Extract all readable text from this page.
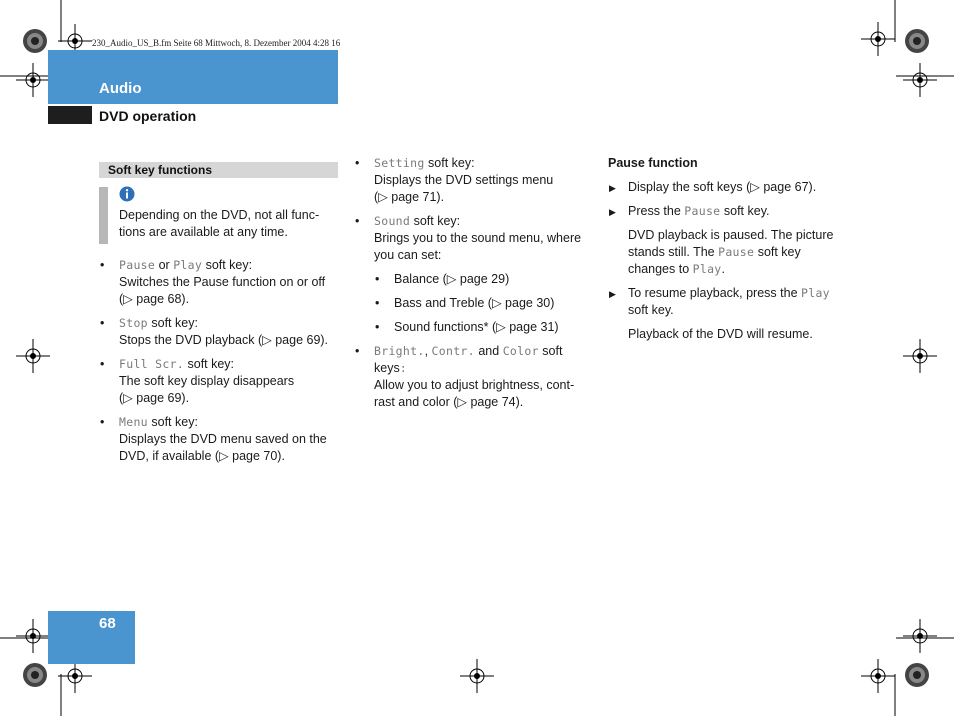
230_Audio_US_B.fm Seite 68 Mittwoch, 8. Dezember 2004 4:28 16
Audio
DVD operation
Soft key functions
Depending on the DVD, not all func-tions are available at any time.
• Pause or Play soft key:
Switches the Pause function on or off (▷ page 68).
• Stop soft key:
Stops the DVD playback (▷ page 69).
• Full Scr. soft key:
The soft key display disappears (▷ page 69).
• Menu soft key:
Displays the DVD menu saved on the DVD, if available (▷ page 70).
• Setting soft key:
Displays the DVD settings menu (▷ page 71).
• Sound soft key:
Brings you to the sound menu, where you can set:
• Balance (▷ page 29)
• Bass and Treble (▷ page 30)
• Sound functions* (▷ page 31)
• Bright., Contr. and Color soft keys:
Allow you to adjust brightness, cont-rast and color (▷ page 74).
Pause function
▶ Display the soft keys (▷ page 67).
▶ Press the Pause soft key.
DVD playback is paused. The picture stands still. The Pause soft key changes to Play.
▶ To resume playback, press the Play soft key.
Playback of the DVD will resume.
68
